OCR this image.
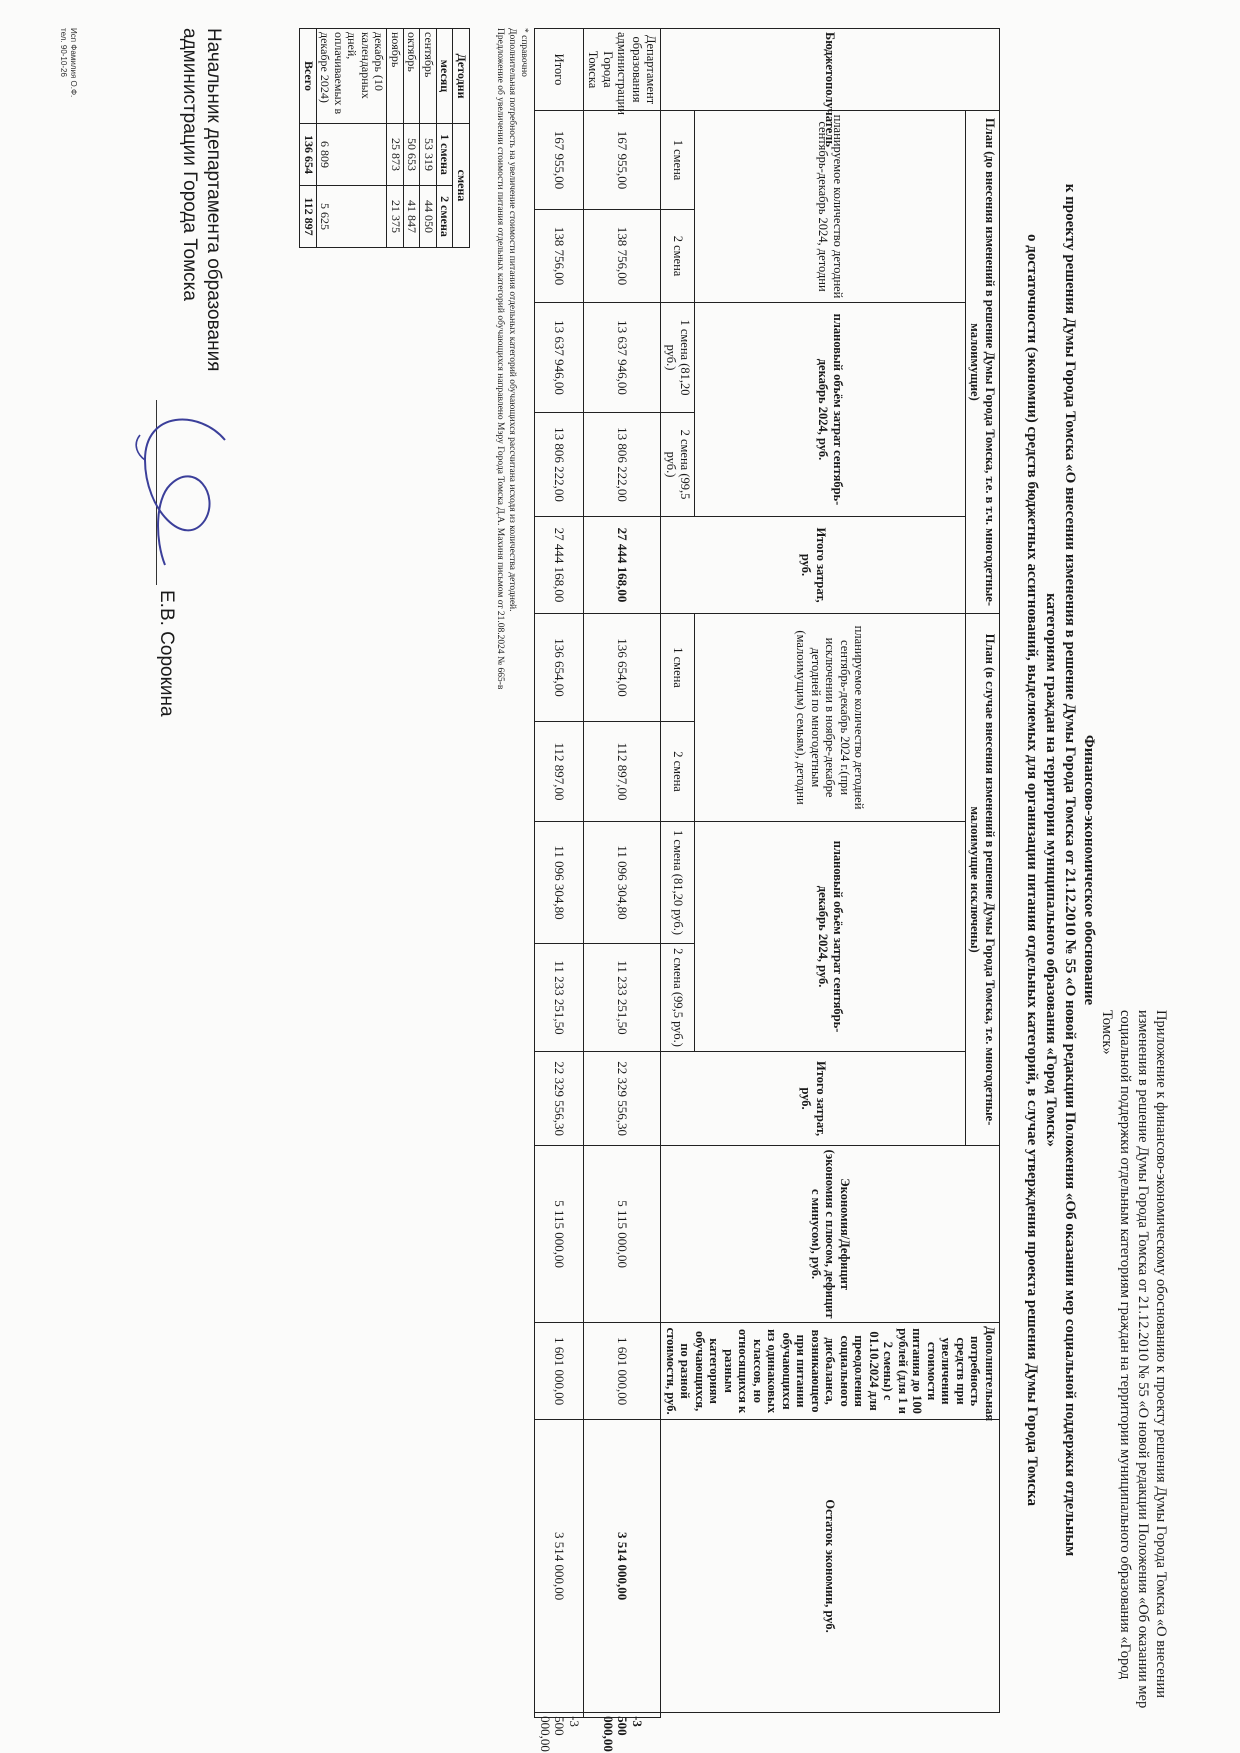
Приложение к финансово-экономическому обоснованию к проекту решения Думы Города Томска «О внесении изменения в решение Думы Города Томска от 21.12.2010 № 55 «О новой редакции Положения «Об оказании мер социальной поддержки отдельным категориям граждан на территории муниципального образования «Город Томск»
Финансово-экономическое обоснование
к проекту решения Думы Города Томска «О внесении изменения в решение Думы Города Томска от 21.12.2010 № 55 «О новой редакции Положения «Об оказании мер социальной поддержки отдельным
категориям граждан на территории муниципального образования «Город Томск»
о достаточности (экономии) средств бюджетных ассигнований, выделяемых для организации питания отдельных категорий, в случае утверждения проекта решения Думы Города Томска
Бюджетополучатель	План (до внесения изменений в решение Думы Города Томска, т.е. в т.ч. многодетные-малоимущие)					План (в случае внесения изменений в решение Думы Города Томска, т.е. многодетные-малоимущие исключены)					Экономия/Дефицит (экономия с плюсом, дефицит с минусом), руб.	Дополнительная потребность средств при увеличении стоимости питания до 100 рублей (для 1 и 2 смены) с 01.10.2024 для преодоления социального дисбаланса, возникающего при питании обучающихся из одинаковых классов, но относящихся к разным категориям обучающихся, по разной стоимости, руб.	Остаток экономии, руб.	
	планируемое количество детодней сентябрь-декабрь 2024, детодни		плановый объём затрат сентябрь-декабрь 2024, руб.		Итого затрат, руб.	планируемое количество детодней сентябрь-декабрь 2024 г.(при исключении в ноябре-декабре детодней по многодетным (малоимущим) семьям), детодни		плановый объём затрат сентябрь-декабрь 2024, руб.		Итого затрат, руб.				
	1 смена	2 смена	1 смена (81,20 руб.)	2 смена (99,5 руб.)		1 смена	2 смена	1 смена (81,20 руб.)	2 смена (99,5 руб.)					
Департамент образования администрации Города Томска	167 955,00	138 756,00	13 637 946,00	13 806 222,00	27 444 168,00	136 654,00	112 897,00	11 096 304,80	11 233 251,50	22 329 556,30	5 115 000,00	1 601 000,00	3 514 000,00	-3 500 000,00
Итого	167 955,00	138 756,00	13 637 946,00	13 806 222,00	27 444 168,00	136 654,00	112 897,00	11 096 304,80	11 233 251,50	22 329 556,30	5 115 000,00	1 601 000,00	3 514 000,00	-3 500 000,00
* справочно
Дополнительная потребность на увеличение стоимости питания отдельных категорий обучающихся рассчитана исходя из количества детодней.
Предложение об увеличении стоимости питания отдельных категорий обучающихся направлено Мэру Города Томска Д.А. Махиня письмом от 21.08.2024 № 665-в
Детодни	смена	
месяц	1 смена	2 смена
сентябрь	53 319	44 050
октябрь	50 653	41 847
ноябрь	25 873	21 375
декабрь (10 календарных дней, оплачиваемых в декабре 2024)	6 809	5 625
Всего	136 654	112 897
Начальник департамента образования
администрации Города Томска
Е.В. Сорокина
Исп Фамилия О.Ф.
тел. 90-10-26
